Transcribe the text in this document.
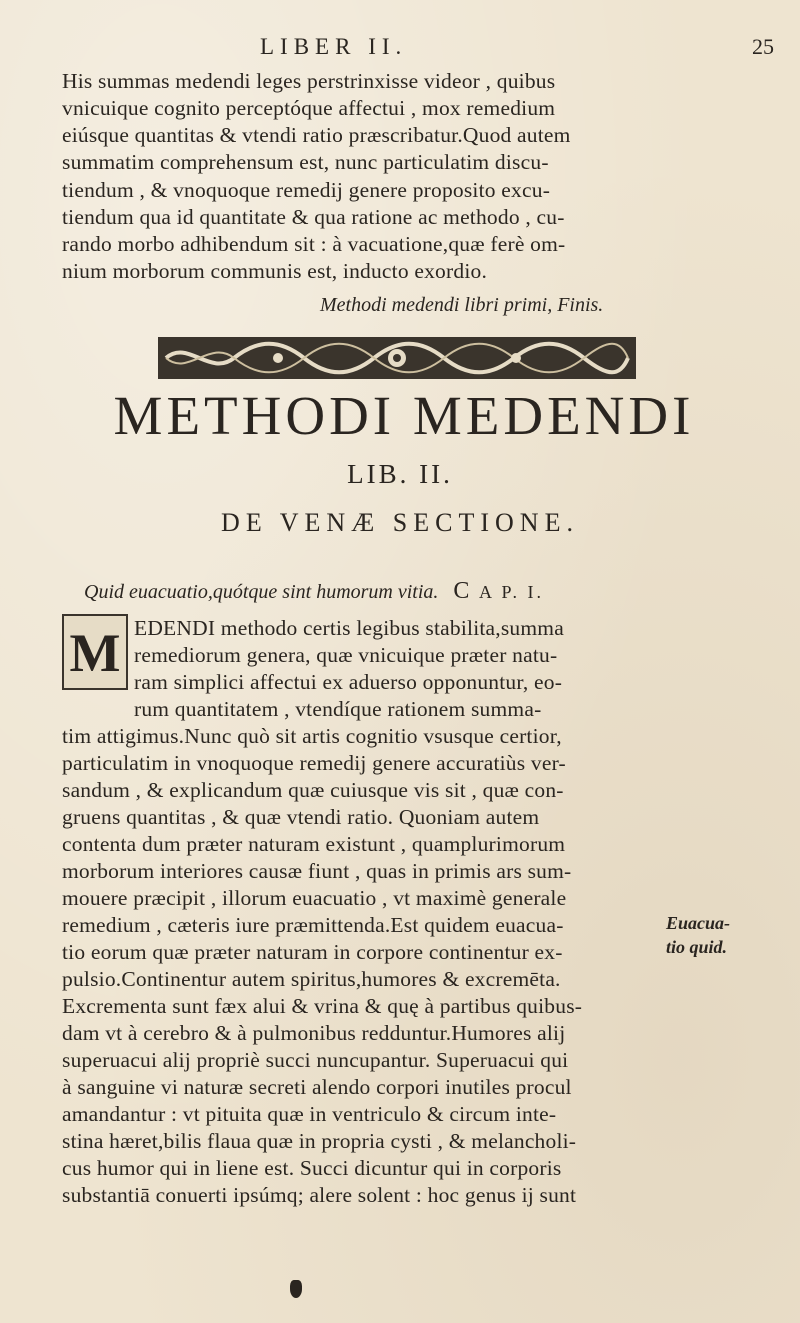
LIBER II.	25
His summas medendi leges perstrinxisse videor , quibus
vnicuique cognito perceptóque affectui , mox remedium
eiúsque quantitas & vtendi ratio præscribatur.Quod autem
summatim comprehensum est, nunc particulatim discu-
tiendum , & vnoquoque remedij genere proposito excu-
tiendum qua id quantitate & qua ratione ac methodo , cu-
rando morbo adhibendum sit : à vacuatione,quæ ferè om-
nium morborum communis est, inducto exordio.
Methodi medendi libri primi, Finis.
METHODI MEDENDI
LIB. II.
DE VENÆ SECTIONE.
Quid euacuatio,quótque sint humorum vitia. C A P. I.
M EDENDI methodo certis legibus stabilita,summa
remediorum genera, quæ vnicuique præter natu-
ram simplici affectui ex aduerso opponuntur, eo-
rum quantitatem , vtendíque rationem summa-
tim attigimus.Nunc quò sit artis cognitio vsusque certior,
particulatim in vnoquoque remedij genere accuratiùs ver-
sandum , & explicandum quæ cuiusque vis sit , quæ con-
gruens quantitas , & quæ vtendi ratio. Quoniam autem
contenta dum præter naturam existunt , quamplurimorum
morborum interiores causæ fiunt , quas in primis ars sum-
mouere præcipit , illorum euacuatio , vt maximè generale
remedium , cæteris iure præmittenda.Est quidem euacua-
tio eorum quæ præter naturam in corpore continentur ex-
pulsio.Continentur autem spiritus,humores & excremēta.
Excrementa sunt fæx alui & vrina & quę à partibus quibus-
dam vt à cerebro & à pulmonibus redduntur.Humores alij
superuacui alij propriè succi nuncupantur. Superuacui qui
à sanguine vi naturæ secreti alendo corpori inutiles procul
amandantur : vt pituita quæ in ventriculo & circum inte-
stina hæret,bilis flaua quæ in propria cysti , & melancholi-
cus humor qui in liene est. Succi dicuntur qui in corporis
substantiā conuerti ipsúmq; alere solent : hoc genus ij sunt
Euacua-
tio quid.
